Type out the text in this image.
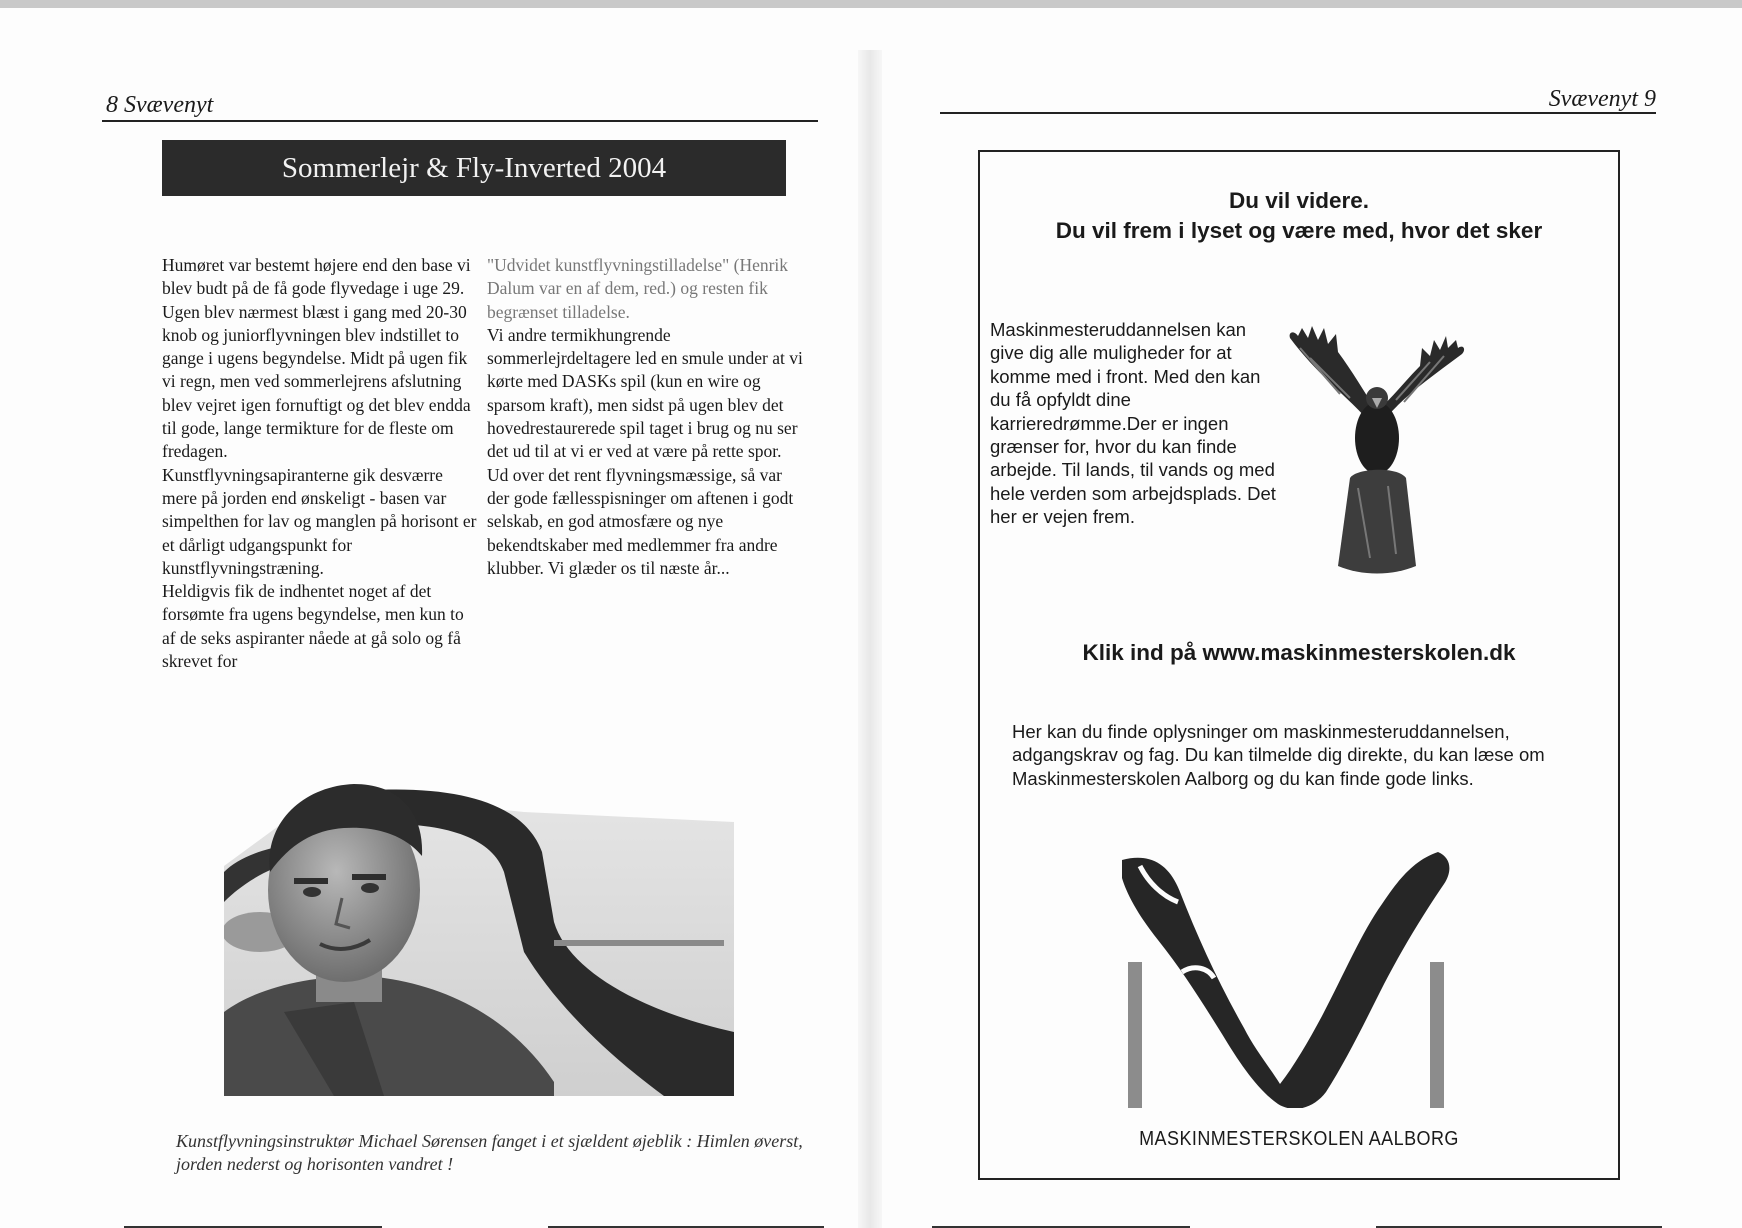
8 Svævenyt
Sommerlejr & Fly-Inverted 2004

Humøret var bestemt højere end den base vi blev budt på de få gode flyvedage i uge 29. Ugen blev nærmest blæst i gang med 20-30 knob og juniorflyvningen blev indstillet to gange i ugens begyndelse. Midt på ugen fik vi regn, men ved sommerlejrens afslutning blev vejret igen fornuftigt og det blev endda til gode, lange termikture for de fleste om fredagen.

Kunstflyvningsapiranterne gik desværre mere på jorden end ønskeligt - basen var simpelthen for lav og manglen på horisont er et dårligt udgangspunkt for kunstflyvningstræning.

Heldigvis fik de indhentet noget af det forsømte fra ugens begyndelse, men kun to af de seks aspiranter nåede at gå solo og få skrevet for

"Udvidet kunstflyvningstilladelse" (Henrik Dalum var en af dem, red.) og resten fik begrænset tilladelse.

Vi andre termikhungrende sommerlejrdeltagere led en smule under at vi kørte med DASKs spil (kun en wire og sparsom kraft), men sidst på ugen blev det hovedrestaurerede spil taget i brug og nu ser det ud til at vi er ved at være på rette spor.

Ud over det rent flyvningsmæssige, så var der gode fællesspisninger om aftenen i godt selskab, en god atmosfære og nye bekendtskaber med medlemmer fra andre klubber. Vi glæder os til næste år...

Kunstflyvningsinstruktør Michael Sørensen fanget i et sjældent øjeblik : Himlen øverst, jorden nederst og horisonten vandret !
Svævenyt 9
Du vil videre.
Du vil frem i lyset og være med, hvor det sker
Maskinmesteruddannelsen kan give dig alle muligheder for at komme med i front. Med den kan du få opfyldt dine karrieredrømme.Der er ingen grænser for, hvor du kan finde arbejde. Til lands, til vands og med hele verden som arbejdsplads. Det her er vejen frem.
Klik ind på www.maskinmesterskolen.dk
Her kan du finde oplysninger om maskinmesteruddannelsen, adgangskrav og fag. Du kan tilmelde dig direkte, du kan læse om Maskinmesterskolen Aalborg og du kan finde gode links.
MASKINMESTERSKOLEN AALBORG
